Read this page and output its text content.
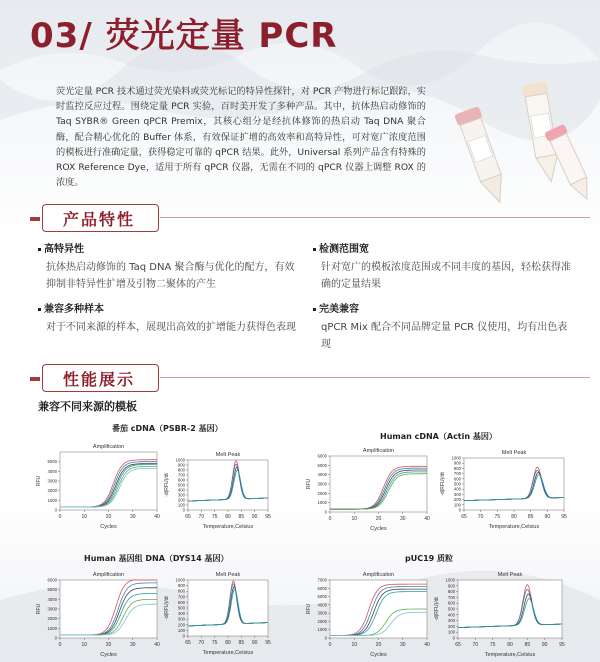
03/ 荧光定量 PCR
荧光定量 PCR 技术通过荧光染料或荧光标记的特异性探针，对 PCR 产物进行标记跟踪，实时监控反应过程。围绕定量 PCR 实验，百时美开发了多种产品。其中，抗体热启动修饰的 Taq SYBR® Green qPCR Premix，其核心组分是经抗体修饰的热启动 Taq DNA 聚合酶，配合精心优化的 Buffer 体系，有效保证扩增的高效率和高特异性，可对宽广浓度范围的模板进行准确定量，获得稳定可靠的 qPCR 结果。此外，Universal 系列产品含有特殊的 ROX Reference Dye，适用于所有 qPCR 仪器，无需在不同的 qPCR 仪器上调整 ROX 的浓度。
产品特性
高特异性
抗体热启动修饰的 Taq DNA 聚合酶与优化的配方，有效抑制非特异性扩增及引物二聚体的产生
检测范围宽
针对宽广的模板浓度范围或不同丰度的基因，轻松获得准确的定量结果
兼容多种样本
对于不同来源的样本，展现出高效的扩增能力获得色表现
完美兼容
qPCR Mix 配合不同品牌定量 PCR 仪使用，均有出色表现
性能展示
兼容不同来源的模板
番茄 cDNA（PSBR-2 基因）
Human cDNA（Actin 基因）
Human 基因组 DNA（DYS14 基因）	pUC19 质粒
Amplification
0	10	20	30	40
0
1000
2000
3000
4000
5000
Cycles
RFU
Melt Peak
65 70 75 80 85 90 95
0
100
200
300
400
500
600
700
800
900
1000
Temperature,Celsius
-d(RFU)/dt
Amplification
0	10	20	30	40
0
1000
2000
3000
4000
5000
6000
Cycles
RFU
Melt Peak
65 70 75 80 85 90 95
0
100
200
300
400
500
600
700
800
900
1000
Temperature,Celsius
-d(RFU)/dt
Amplification
0	10	20	30	40
0
1000
2000
3000
4000
5000
6000
Cycles
RFU
Melt Peak
65 70 75 80 85 90 95
0
100
200
300
400
500
600
700
800
900
1000
Temperature,Celsius
-d(RFU)/dt
Amplification
0	10	20	30	40
0
1000
2000
3000
4000
5000
6000
7000
Cycles
RFU
Melt Peak
65 70 75 80 85 90 95
0
100
200
300
400
500
600
700
800
900
1000
Temperature,Celsius
-d(RFU)/dt
